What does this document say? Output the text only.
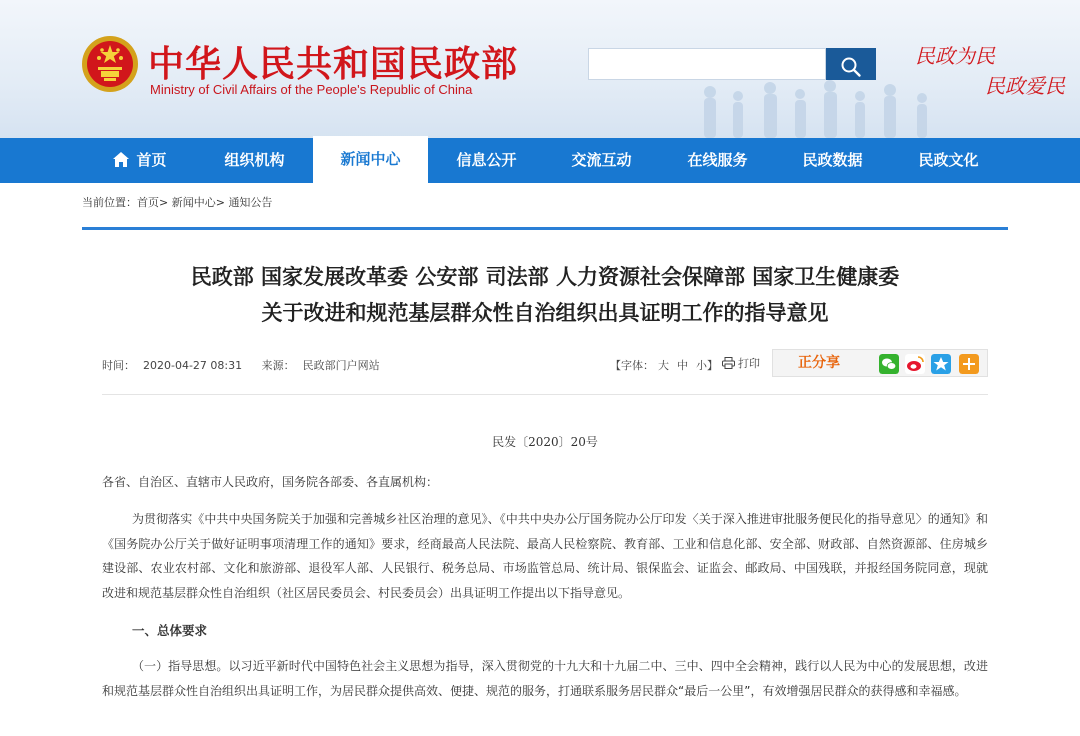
中华人民共和国民政部
Ministry of Civil Affairs of the People's Republic of China
民政为民
民政爱民
首页	组织机构	新闻中心	信息公开	交流互动	在线服务	民政数据	民政文化
当前位置：首页> 新闻中心> 通知公告
民政部 国家发展改革委 公安部 司法部 人力资源社会保障部 国家卫生健康委
关于改进和规范基层群众性自治组织出具证明工作的指导意见
时间： 2020-04-27 08:31 来源： 民政部门户网站	【字体： 大 中 小】	打印	正分享
民发〔2020〕20号
各省、自治区、直辖市人民政府，国务院各部委、各直属机构：
为贯彻落实《中共中央国务院关于加强和完善城乡社区治理的意见》、《中共中央办公厅国务院办公厅印发〈关于深入推进审批服务便民化的指导意见〉的通知》和《国务院办公厅关于做好证明事项清理工作的通知》要求，经商最高人民法院、最高人民检察院、教育部、工业和信息化部、安全部、财政部、自然资源部、住房城乡建设部、农业农村部、文化和旅游部、退役军人部、人民银行、税务总局、市场监管总局、统计局、银保监会、证监会、邮政局、中国残联，并报经国务院同意，现就改进和规范基层群众性自治组织（社区居民委员会、村民委员会）出具证明工作提出以下指导意见。
一、总体要求
（一）指导思想。以习近平新时代中国特色社会主义思想为指导，深入贯彻党的十九大和十九届二中、三中、四中全会精神，践行以人民为中心的发展思想，改进和规范基层群众性自治组织出具证明工作，为居民群众提供高效、便捷、规范的服务，打通联系服务居民群众“最后一公里”，有效增强居民群众的获得感和幸福感。
